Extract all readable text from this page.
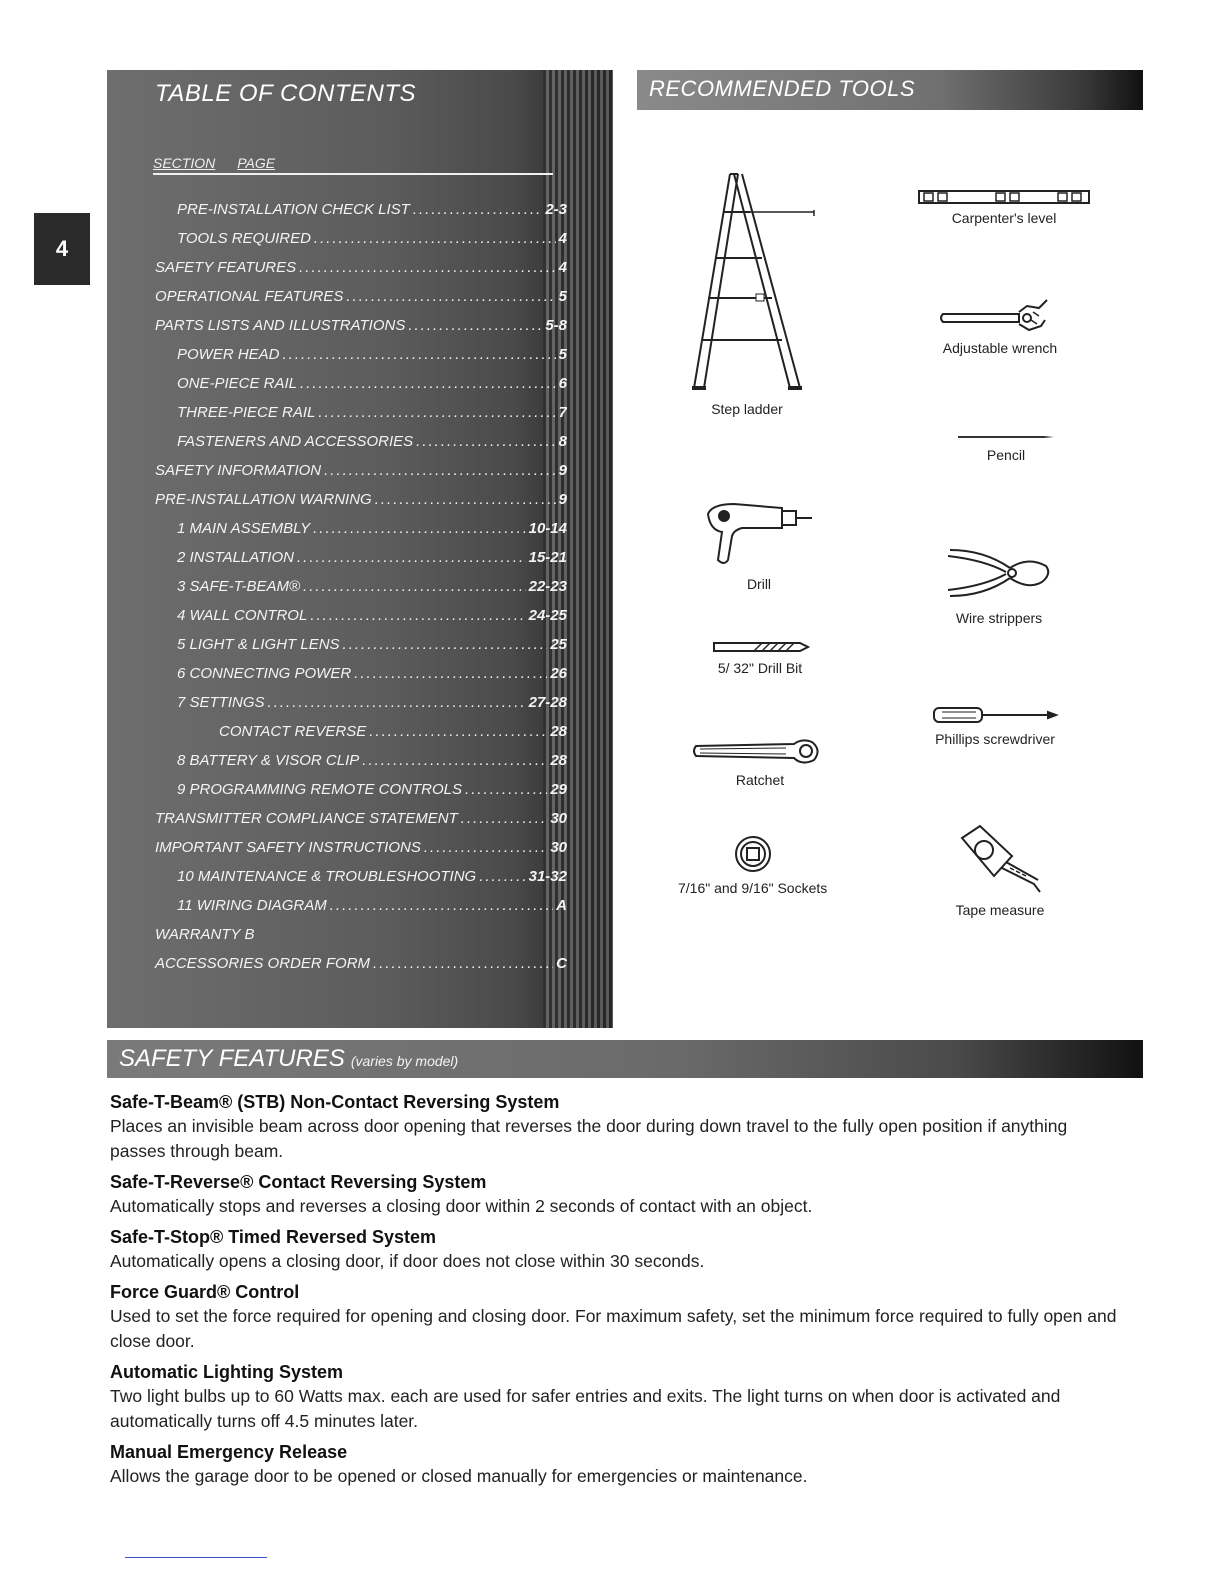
4
TABLE OF CONTENTS
SECTION PAGE
PRE-INSTALLATION CHECK LIST .....	2-3
TOOLS REQUIRED .....	4
SAFETY FEATURES .....	4
OPERATIONAL FEATURES .....	5
PARTS LISTS AND ILLUSTRATIONS .....	5-8
POWER HEAD .....	5
ONE-PIECE RAIL .....	6
THREE-PIECE RAIL .....	7
FASTENERS AND ACCESSORIES .....	8
SAFETY INFORMATION .....	9
PRE-INSTALLATION WARNING .....	9
1 MAIN ASSEMBLY .....	10-14
2 INSTALLATION .....	15-21
3 SAFE-T-BEAM® .....	22-23
4 WALL CONTROL .....	24-25
5 LIGHT & LIGHT LENS .....	25
6 CONNECTING POWER .....	26
7 SETTINGS .....	27-28
CONTACT REVERSE .....	28
8 BATTERY & VISOR CLIP .....	28
9 PROGRAMMING REMOTE CONTROLS .....	29
TRANSMITTER COMPLIANCE STATEMENT .....	30
IMPORTANT SAFETY INSTRUCTIONS .....	30
10 MAINTENANCE & TROUBLESHOOTING .....	31-32
11 WIRING DIAGRAM .....	A
WARRANTY B
ACCESSORIES ORDER FORM .....	C
RECOMMENDED TOOLS
Step ladder
Carpenter's level
Adjustable wrench
Pencil
Drill
Wire strippers
5/ 32" Drill Bit
Phillips screwdriver
Ratchet
7/16" and 9/16" Sockets
Tape measure
SAFETY FEATURES (varies by model)
Safe-T-Beam® (STB) Non-Contact Reversing System

Places an invisible beam across door opening that reverses the door during down travel to the fully open position if anything passes through beam.

Safe-T-Reverse® Contact Reversing System

Automatically stops and reverses a closing door within 2 seconds of contact with an object.

Safe-T-Stop® Timed Reversed System

Automatically opens a closing door, if door does not close within 30 seconds.

Force Guard® Control

Used to set the force required for opening and closing door. For maximum safety, set the minimum force required to fully open and close door.

Automatic Lighting System

Two light bulbs up to 60 Watts max. each are used for safer entries and exits. The light turns on when door is activated and automatically turns off 4.5 minutes later.

Manual Emergency Release

Allows the garage door to be opened or closed manually for emergencies or maintenance.
